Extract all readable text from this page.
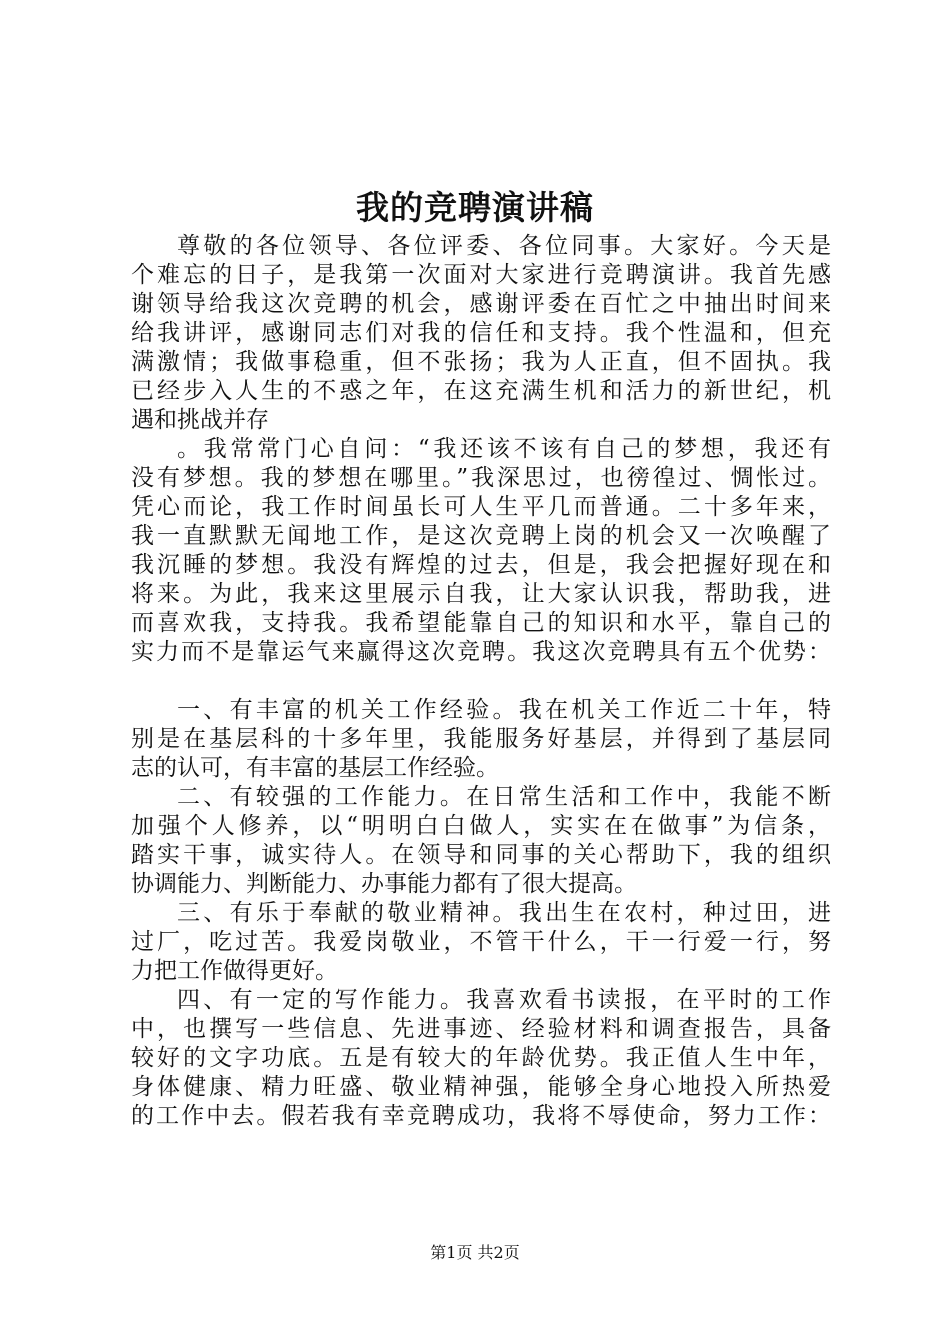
我的竞聘演讲稿
尊敬的各位领导、各位评委、各位同事。大家好。今天是
个难忘的日子，是我第一次面对大家进行竞聘演讲。我首先感
谢领导给我这次竞聘的机会，感谢评委在百忙之中抽出时间来
给我讲评，感谢同志们对我的信任和支持。我个性温和，但充
满激情；我做事稳重，但不张扬；我为人正直，但不固执。我
已经步入人生的不惑之年，在这充满生机和活力的新世纪，机
遇和挑战并存
。我常常门心自问：“我还该不该有自己的梦想，我还有
没有梦想。我的梦想在哪里。”我深思过，也徬徨过、惆怅过。
凭心而论，我工作时间虽长可人生平几而普通。二十多年来，
我一直默默无闻地工作，是这次竞聘上岗的机会又一次唤醒了
我沉睡的梦想。我没有辉煌的过去，但是，我会把握好现在和
将来。为此，我来这里展示自我，让大家认识我，帮助我，进
而喜欢我，支持我。我希望能靠自己的知识和水平，靠自己的
实力而不是靠运气来赢得这次竞聘。我这次竞聘具有五个优势：
一、有丰富的机关工作经验。我在机关工作近二十年，特
别是在基层科的十多年里，我能服务好基层，并得到了基层同
志的认可，有丰富的基层工作经验。
二、有较强的工作能力。在日常生活和工作中，我能不断
加强个人修养，以“明明白白做人，实实在在做事”为信条，
踏实干事，诚实待人。在领导和同事的关心帮助下，我的组织
协调能力、判断能力、办事能力都有了很大提高。
三、有乐于奉献的敬业精神。我出生在农村，种过田，进
过厂，吃过苦。我爱岗敬业，不管干什么，干一行爱一行，努
力把工作做得更好。
四、有一定的写作能力。我喜欢看书读报，在平时的工作
中，也撰写一些信息、先进事迹、经验材料和调查报告，具备
较好的文字功底。五是有较大的年龄优势。我正值人生中年，
身体健康、精力旺盛、敬业精神强，能够全身心地投入所热爱
的工作中去。假若我有幸竞聘成功，我将不辱使命，努力工作：
第1页 共2页
